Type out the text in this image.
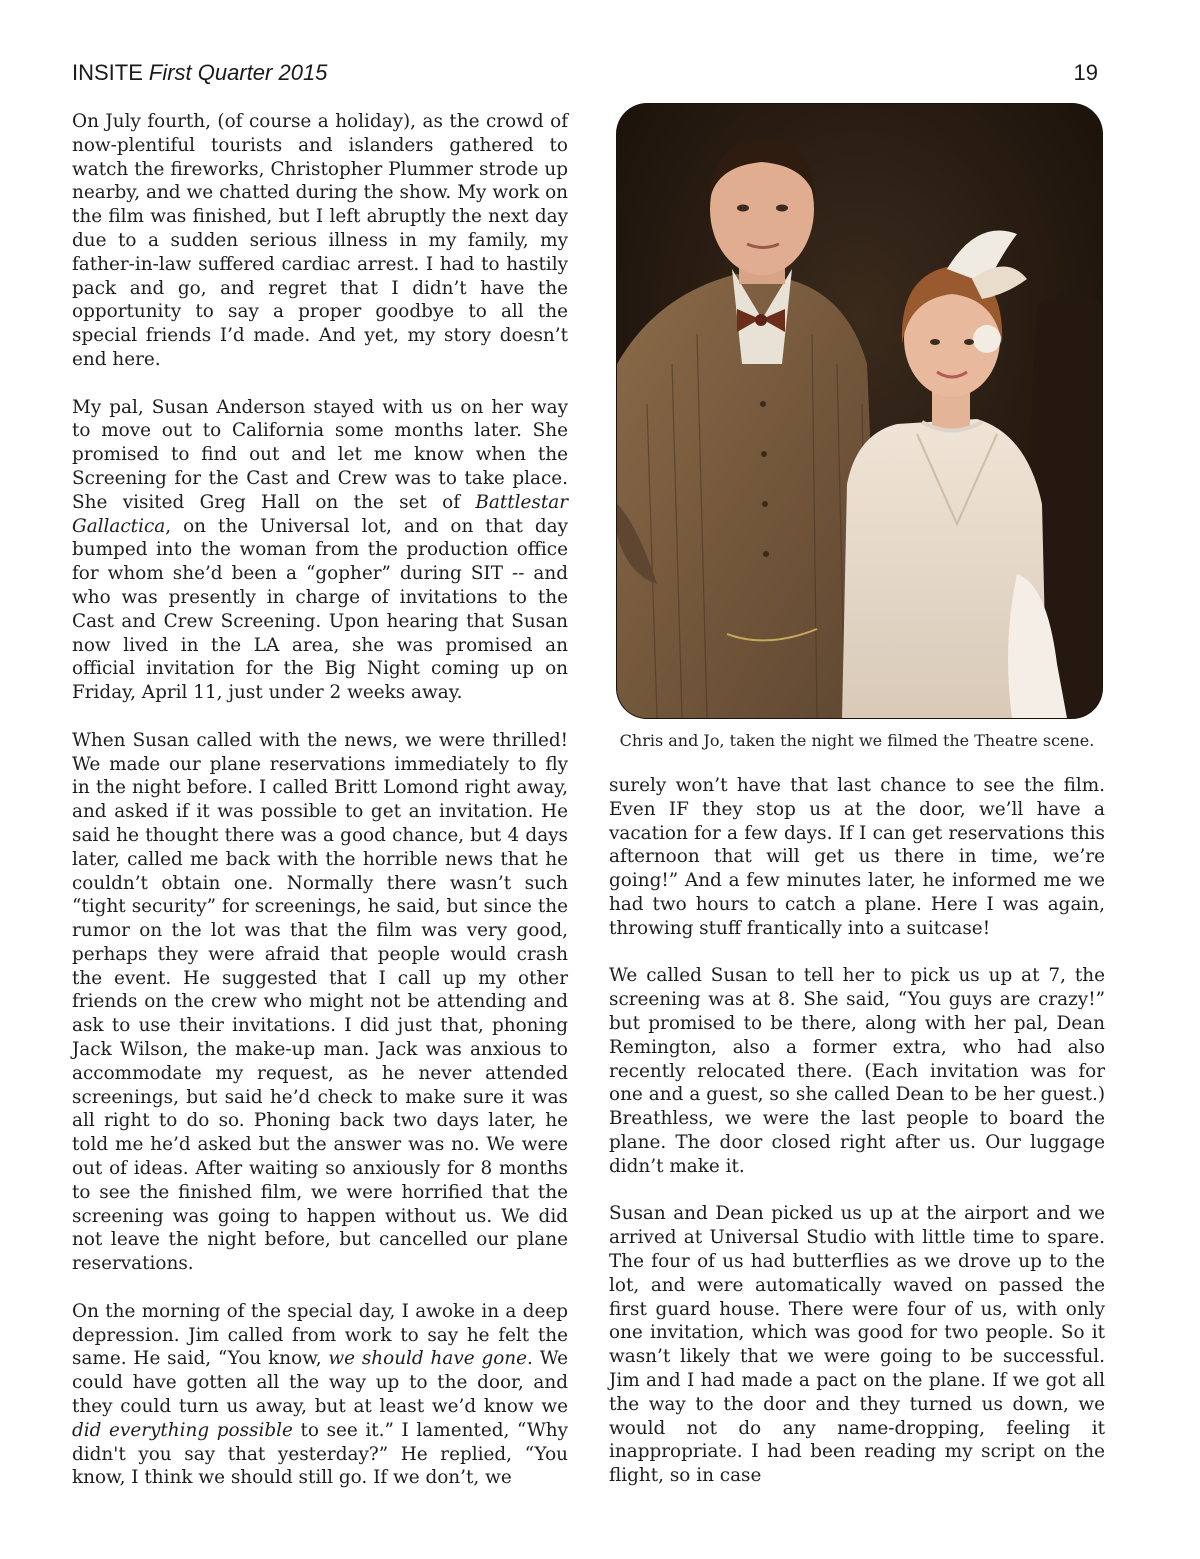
INSITE First Quarter 2015	19

On July fourth, (of course a holiday), as the crowd of now-plentiful tourists and islanders gathered to watch the fireworks, Christopher Plummer strode up nearby, and we chatted during the show. My work on the film was finished, but I left abruptly the next day due to a sudden serious illness in my family, my father-in-law suffered cardiac arrest. I had to hastily pack and go, and regret that I didn’t have the opportunity to say a proper goodbye to all the special friends I’d made. And yet, my story doesn’t end here.

My pal, Susan Anderson stayed with us on her way to move out to California some months later. She promised to find out and let me know when the Screening for the Cast and Crew was to take place. She visited Greg Hall on the set of Battlestar Gallactica, on the Universal lot, and on that day bumped into the woman from the production office for whom she’d been a “gopher” during SIT -- and who was presently in charge of invitations to the Cast and Crew Screening. Upon hearing that Susan now lived in the LA area, she was promised an official invitation for the Big Night coming up on Friday, April 11, just under 2 weeks away.

When Susan called with the news, we were thrilled! We made our plane reservations immediately to fly in the night before. I called Britt Lomond right away, and asked if it was possible to get an invitation. He said he thought there was a good chance, but 4 days later, called me back with the horrible news that he couldn’t obtain one. Normally there wasn’t such “tight security” for screenings, he said, but since the rumor on the lot was that the film was very good, perhaps they were afraid that people would crash the event. He suggested that I call up my other friends on the crew who might not be attending and ask to use their invitations. I did just that, phoning Jack Wilson, the make-up man. Jack was anxious to accommodate my request, as he never attended screenings, but said he’d check to make sure it was all right to do so. Phoning back two days later, he told me he’d asked but the answer was no. We were out of ideas. After waiting so anxiously for 8 months to see the finished film, we were horrified that the screening was going to happen without us. We did not leave the night before, but cancelled our plane reservations.

On the morning of the special day, I awoke in a deep depression. Jim called from work to say he felt the same. He said, “You know, we should have gone. We could have gotten all the way up to the door, and they could turn us away, but at least we’d know we did everything possible to see it.” I lamented, “Why didn't you say that yesterday?” He replied, “You know, I think we should still go. If we don’t, we

Chris and Jo, taken the night we filmed the Theatre scene.

surely won’t have that last chance to see the film. Even IF they stop us at the door, we’ll have a vacation for a few days. If I can get reservations this afternoon that will get us there in time, we’re going!” And a few minutes later, he informed me we had two hours to catch a plane. Here I was again, throwing stuff frantically into a suitcase!

We called Susan to tell her to pick us up at 7, the screening was at 8. She said, “You guys are crazy!” but promised to be there, along with her pal, Dean Remington, also a former extra, who had also recently relocated there. (Each invitation was for one and a guest, so she called Dean to be her guest.) Breathless, we were the last people to board the plane. The door closed right after us. Our luggage didn’t make it.

Susan and Dean picked us up at the airport and we arrived at Universal Studio with little time to spare. The four of us had butterflies as we drove up to the lot, and were automatically waved on passed the first guard house. There were four of us, with only one invitation, which was good for two people. So it wasn’t likely that we were going to be successful. Jim and I had made a pact on the plane. If we got all the way to the door and they turned us down, we would not do any name-dropping, feeling it inappropriate. I had been reading my script on the flight, so in case
